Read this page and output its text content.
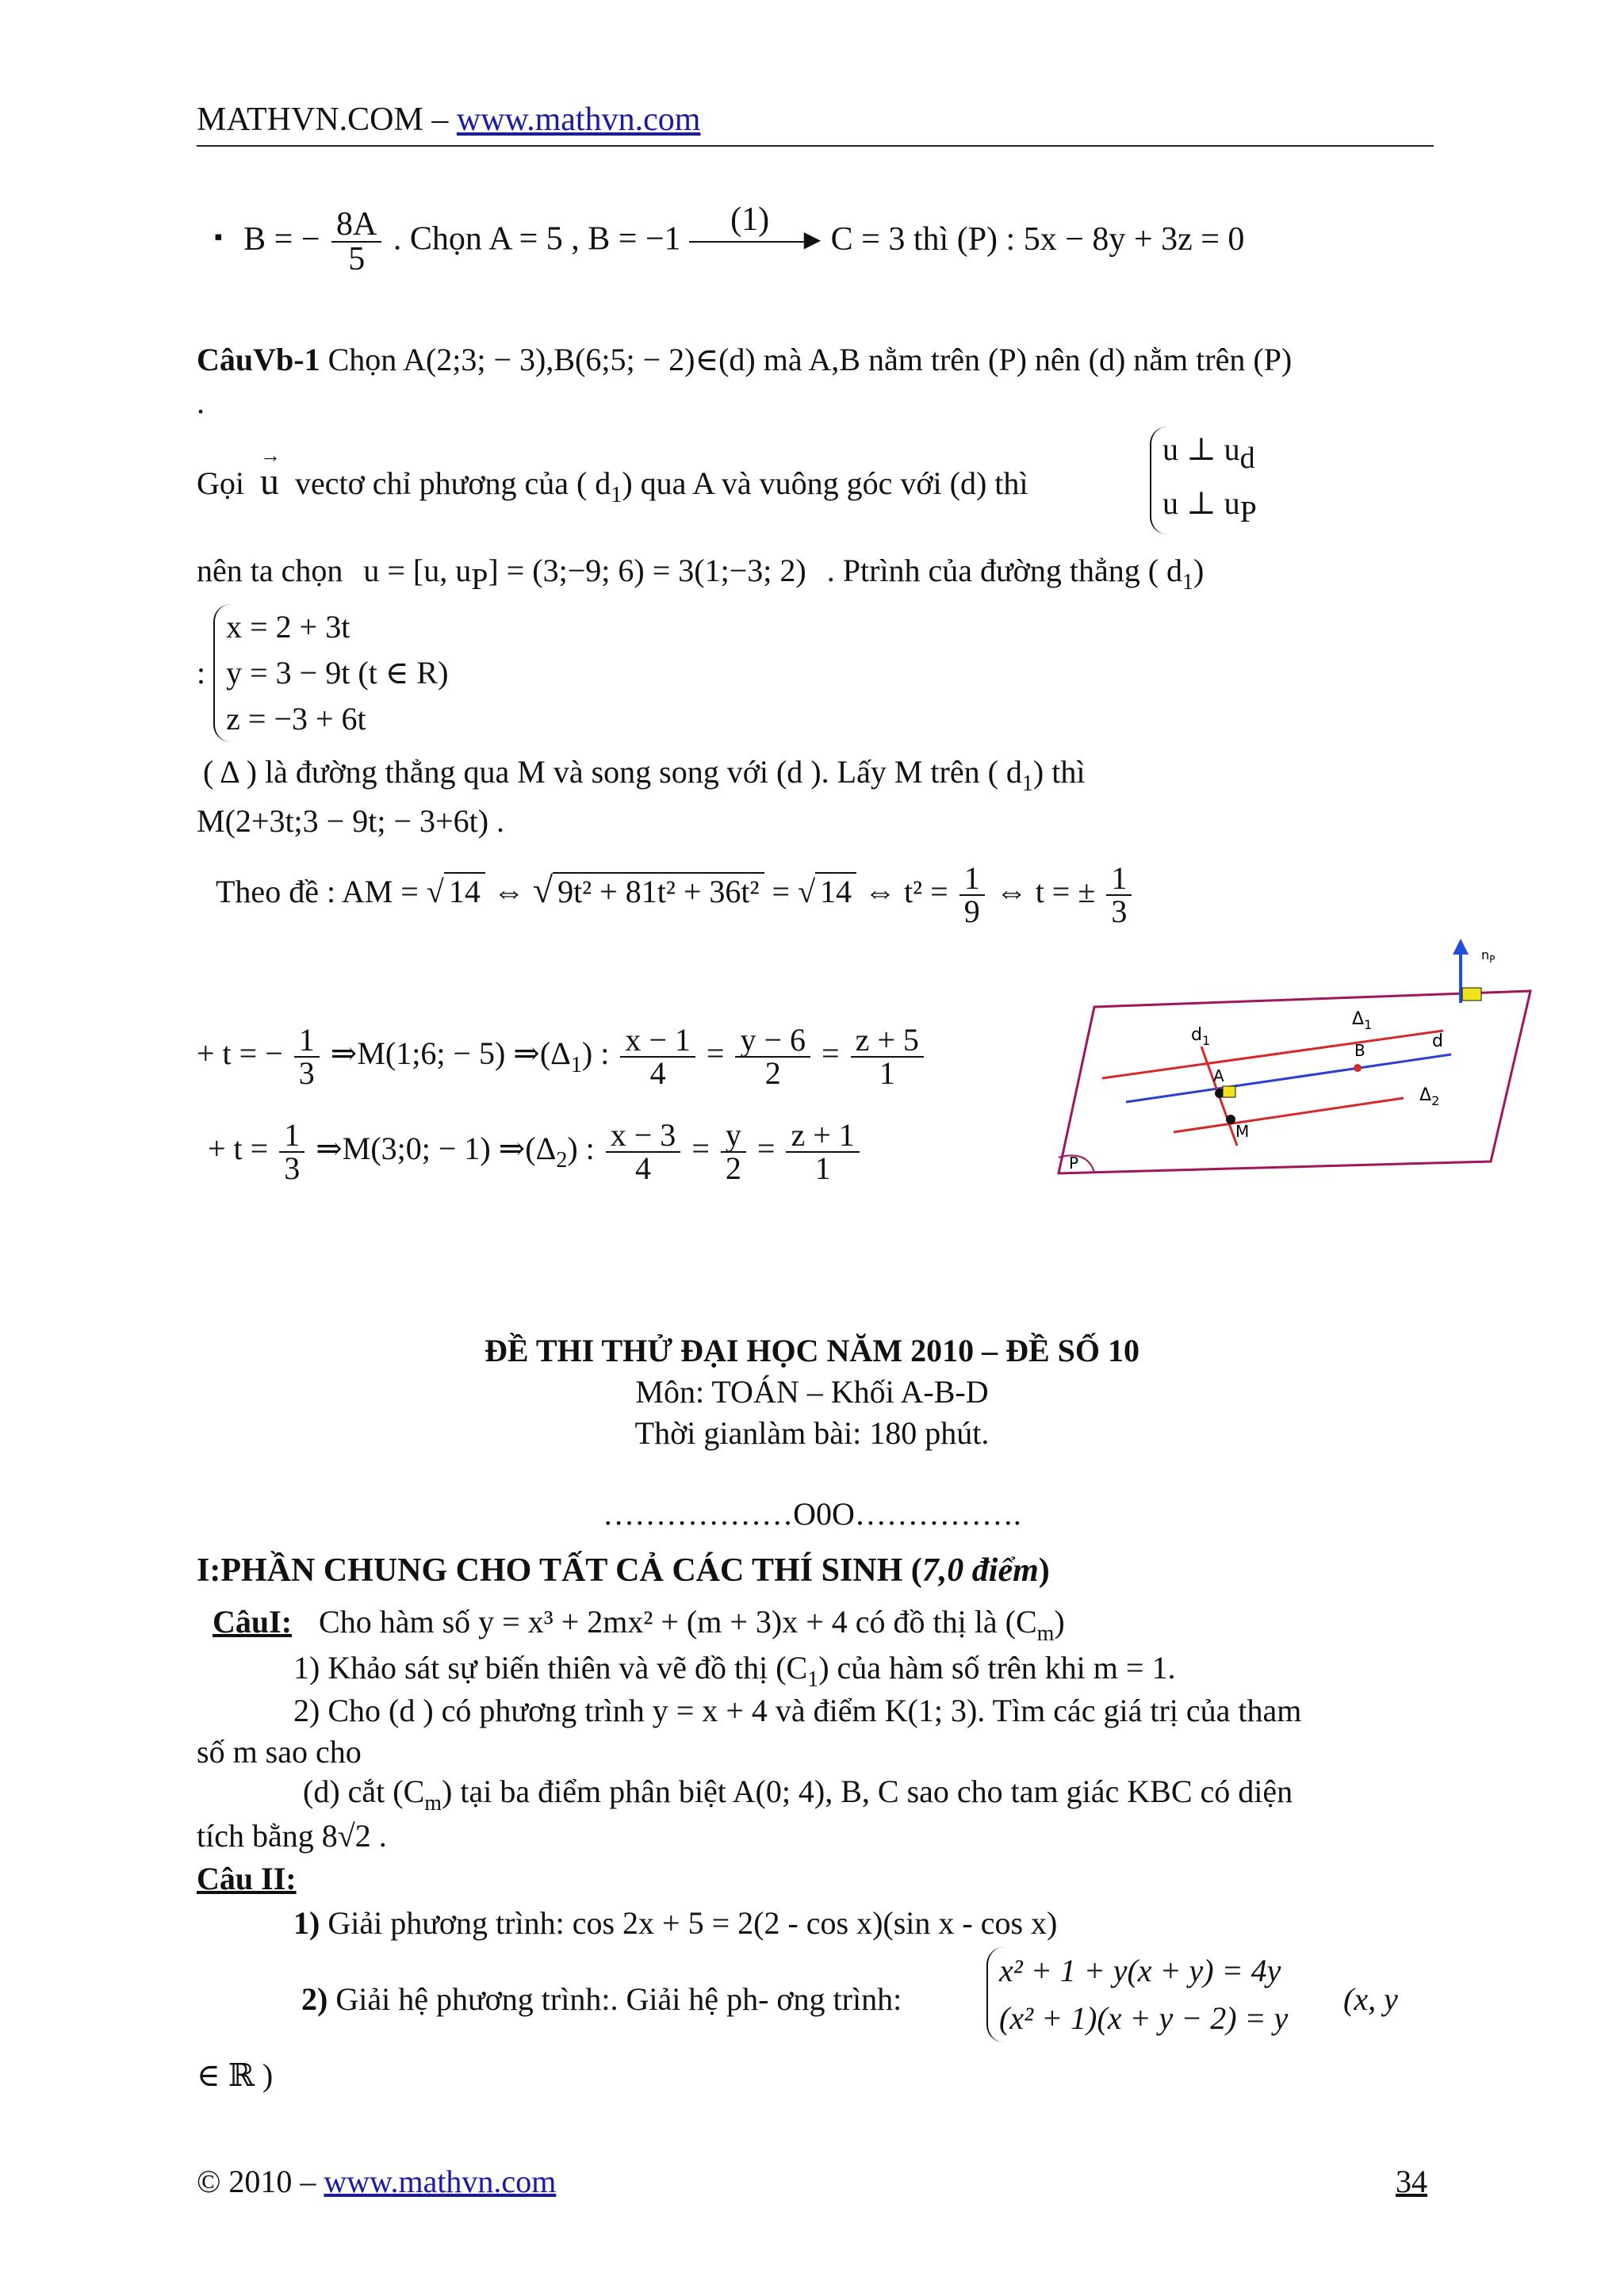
MATHVN.COM – www.mathvn.com
▪ B = − $\frac{8A}{5}$ . Chọn A = 5 , B = −1
(1)
▶ C = 3 thì (P) : 5x − 8y + 3z = 0
CâuVb-1 Chọn A(2;3; − 3),B(6;5; − 2)∈(d) mà A,B nằm trên (P) nên (d) nằm trên (P)
.
Gọi → u vectơ chỉ phương của ( $d_1$) qua A và vuông góc với (d) thì
u ⊥ ud
u ⊥ uP
nên ta chọn u = [u, uP] = (3;−9; 6) = 3(1;−3; 2) . Ptrình của đường thẳng ( $d_1$)
:
x = 2 + 3t
y = 3 − 9t (t ∈ R)
z = −3 + 6t
( Δ ) là đường thẳng qua M và song song với (d ). Lấy M trên ( $d_1$) thì
M(2+3t;3 − 9t; − 3+6t) .
Theo đề : AM = √ 14 ⇔ √ 9t² + 81t² + 36t² = √ 14 ⇔ $t^2 = \frac{1}{9}$ ⇔ t = ± $\frac{1}{3}$
+ t = − $\frac{1}{3}$ ⇒M(1;6; − 5) $\Rightarrow(\Delta_1)$ : $\frac{x - 1}{4} = \frac{y - 6}{2} = \frac{z + 5}{1}$
+ $t = \frac{1}{3}$ ⇒M(3;0; − 1) $\Rightarrow(\Delta_2)$ : $\frac{x - 3}{4} = \frac{y}{2} = \frac{z + 1}{1}$
$d_1$
$\Delta_1$
B	d
A
$\Delta_2$
M
P
$n_P$
ĐỀ THI THỬ ĐẠI HỌC NĂM 2010 – ĐỀ SỐ 10
Môn: TOÁN – Khối A-B-D
Thời gianlàm bài: 180 phút.
………………O0O…………….
I:PHẦN CHUNG CHO TẤT CẢ CÁC THÍ SINH (7,0 điểm)
CâuI: Cho hàm số y = x³ + 2mx² + (m + 3)x + 4 có đồ thị là $(C_m)$
1) Khảo sát sự biến thiên và vẽ đồ thị $(C_1)$ của hàm số trên khi m = 1.
2) Cho (d ) có phương trình y = x + 4 và điểm K(1; 3). Tìm các giá trị của tham
số m sao cho
(d) cắt $(C_m)$ tại ba điểm phân biệt A(0; 4), B, C sao cho tam giác KBC có diện
tích bằng 8√2 .
Câu II:
1) Giải phương trình: cos 2x + 5 = 2(2 - cos x)(sin x - cos x)
2) Giải hệ phương trình:. Giải hệ ph- ơng trình:
x² + 1 + y(x + y) = 4y
(x² + 1)(x + y − 2) = y
(x, y
∈ ℝ )
© 2010 – www.mathvn.com	34
